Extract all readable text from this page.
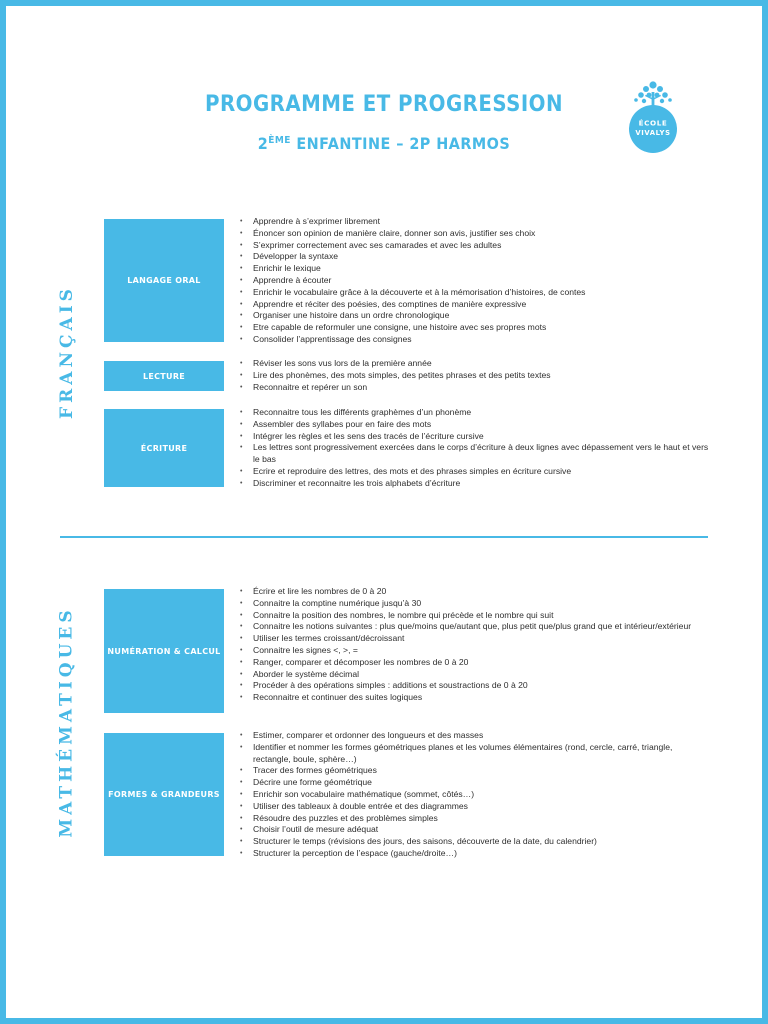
PROGRAMME ET PROGRESSION
2ÈME ENFANTINE – 2P HARMOS
ÉCOLE
VIVALYS
FRANÇAIS
MATHÉMATIQUES
LANGAGE ORAL
• Apprendre à s’exprimer librement
• Énoncer son opinion de manière claire, donner son avis, justifier ses choix
• S’exprimer correctement avec ses camarades et avec les adultes
• Développer la syntaxe
• Enrichir le lexique
• Apprendre à écouter
• Enrichir le vocabulaire grâce à la découverte et à la mémorisation d’histoires, de contes
• Apprendre et réciter des poésies, des comptines de manière expressive
• Organiser une histoire dans un ordre chronologique
• Etre capable de reformuler une consigne, une histoire avec ses propres mots
• Consolider l’apprentissage des consignes
LECTURE
• Réviser les sons vus lors de la première année
• Lire des phonèmes, des mots simples, des petites phrases et des petits textes
• Reconnaitre et repérer un son
ÉCRITURE
• Reconnaitre tous les différents graphèmes d’un phonème
• Assembler des syllabes pour en faire des mots
• Intégrer les règles et les sens des tracés de l’écriture cursive
• Les lettres sont progressivement exercées dans le corps d’écriture à deux lignes avec dépassement vers le haut et vers le bas
• Ecrire et reproduire des lettres, des mots et des phrases simples en écriture cursive
• Discriminer et reconnaitre les trois alphabets d’écriture
NUMÉRATION & CALCUL
• Écrire et lire les nombres de 0 à 20
• Connaitre la comptine numérique jusqu’à 30
• Connaitre la position des nombres, le nombre qui précède et le nombre qui suit
• Connaitre les notions suivantes : plus que/moins que/autant que, plus petit que/plus grand que et intérieur/extérieur
• Utiliser les termes croissant/décroissant
• Connaitre les signes <, >, =
• Ranger, comparer et décomposer les nombres de 0 à 20
• Aborder le système décimal
• Procéder à des opérations simples : additions et soustractions de 0 à 20
• Reconnaitre et continuer des suites logiques
FORMES & GRANDEURS
• Estimer, comparer et ordonner des longueurs et des masses
• Identifier et nommer les formes géométriques planes et les volumes élémentaires (rond, cercle, carré, triangle, rectangle, boule, sphère…)
• Tracer des formes géométriques
• Décrire une forme géométrique
• Enrichir son vocabulaire mathématique (sommet, côtés…)
• Utiliser des tableaux à double entrée et des diagrammes
• Résoudre des puzzles et des problèmes simples
• Choisir l’outil de mesure adéquat
• Structurer le temps (révisions des jours, des saisons, découverte de la date, du calendrier)
• Structurer la perception de l’espace (gauche/droite…)
